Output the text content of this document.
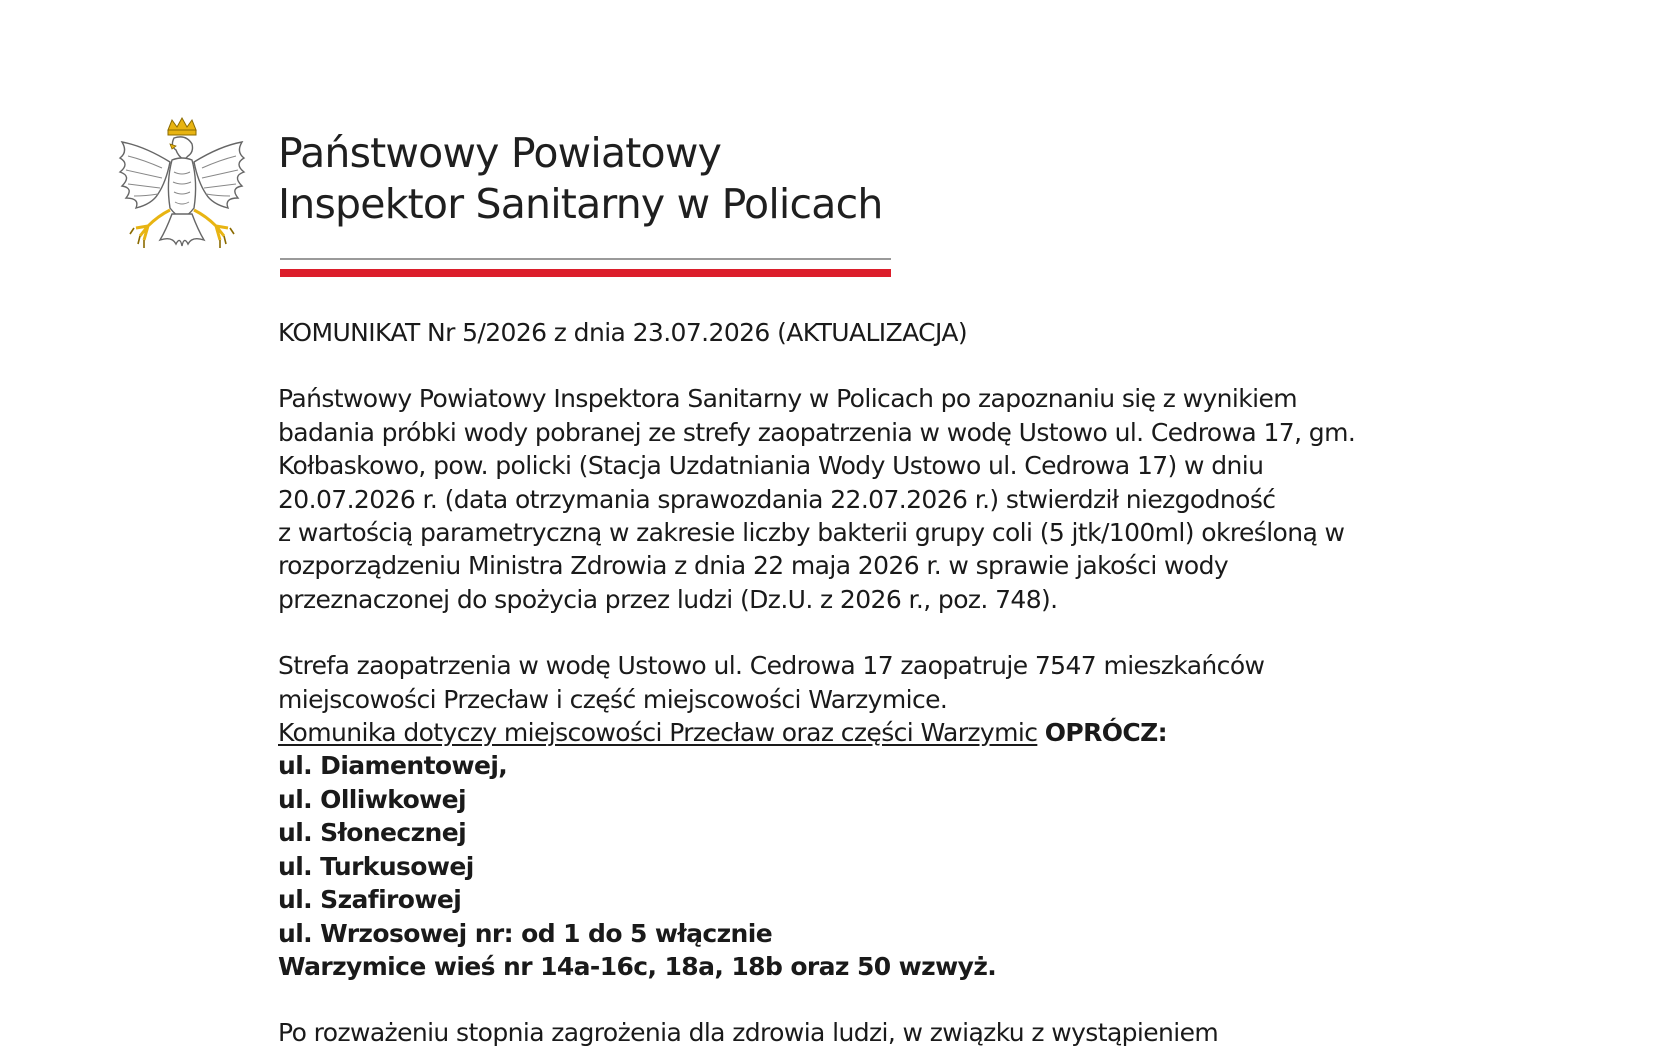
Państwowy Powiatowy
Inspektor Sanitarny w Policach
KOMUNIKAT Nr 5/2026 z dnia 23.07.2026 (AKTUALIZACJA)
Państwowy Powiatowy Inspektora Sanitarny w Policach po zapoznaniu się z wynikiem
badania próbki wody pobranej ze strefy zaopatrzenia w wodę Ustowo ul. Cedrowa 17, gm.
Kołbaskowo, pow. policki (Stacja Uzdatniania Wody Ustowo ul. Cedrowa 17) w dniu
20.07.2026 r. (data otrzymania sprawozdania 22.07.2026 r.) stwierdził niezgodność
z wartością parametryczną w zakresie liczby bakterii grupy coli (5 jtk/100ml) określoną w
rozporządzeniu Ministra Zdrowia z dnia 22 maja 2026 r. w sprawie jakości wody
przeznaczonej do spożycia przez ludzi (Dz.U. z 2026 r., poz. 748).
Strefa zaopatrzenia w wodę Ustowo ul. Cedrowa 17 zaopatruje 7547 mieszkańców
miejscowości Przecław i część miejscowości Warzymice.
Komunika dotyczy miejscowości Przecław oraz części Warzymic OPRÓCZ:
ul. Diamentowej,
ul. Olliwkowej
ul. Słonecznej
ul. Turkusowej
ul. Szafirowej
ul. Wrzosowej nr: od 1 do 5 włącznie
Warzymice wieś nr 14a-16c, 18a, 18b oraz 50 wzwyż.
Po rozważeniu stopnia zagrożenia dla zdrowia ludzi, w związku z wystąpieniem
